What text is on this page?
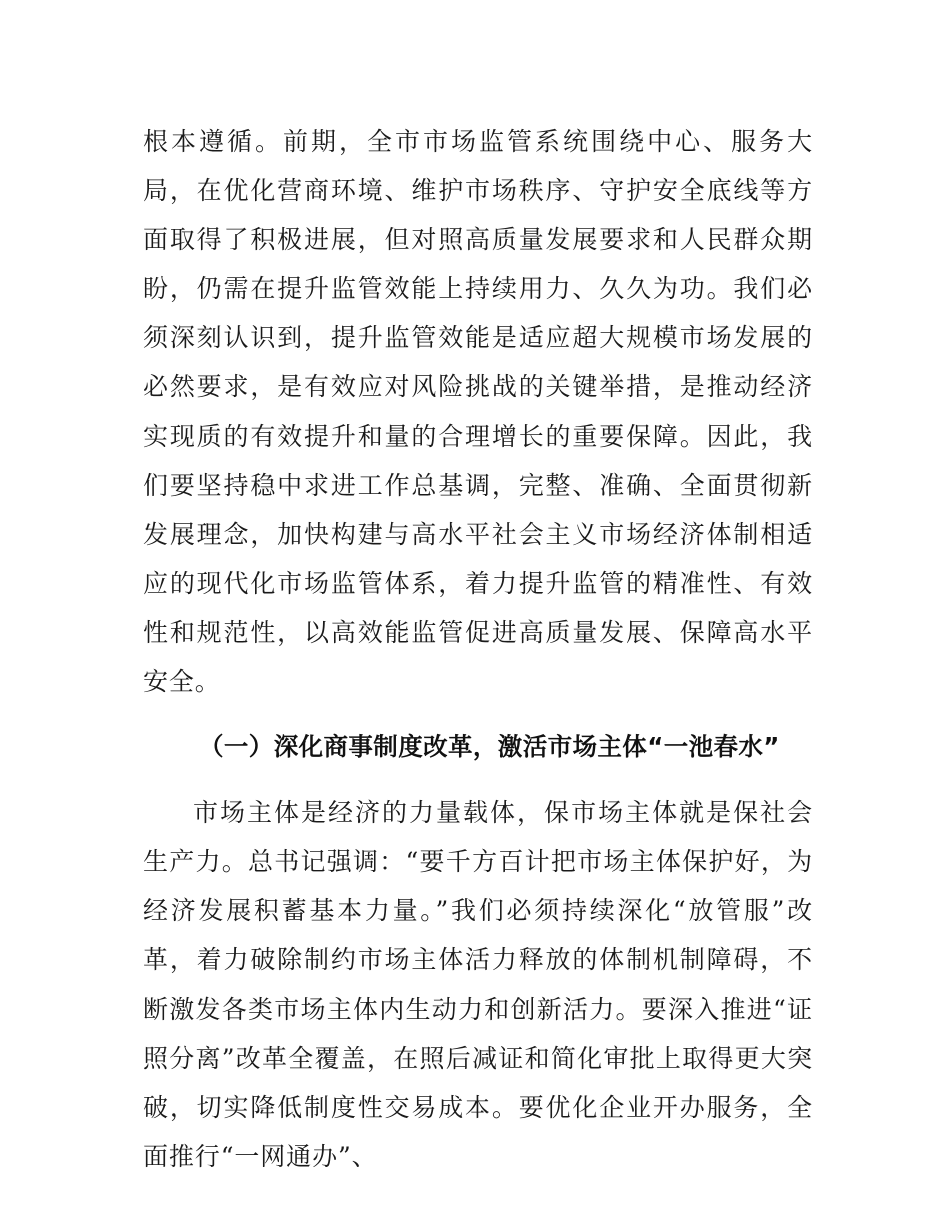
根本遵循。前期，全市市场监管系统围绕中心、服务大局，在优化营商环境、维护市场秩序、守护安全底线等方面取得了积极进展，但对照高质量发展要求和人民群众期盼，仍需在提升监管效能上持续用力、久久为功。我们必须深刻认识到，提升监管效能是适应超大规模市场发展的必然要求，是有效应对风险挑战的关键举措，是推动经济实现质的有效提升和量的合理增长的重要保障。因此，我们要坚持稳中求进工作总基调，完整、准确、全面贯彻新发展理念，加快构建与高水平社会主义市场经济体制相适应的现代化市场监管体系，着力提升监管的精准性、有效性和规范性，以高效能监管促进高质量发展、保障高水平安全。

（一）深化商事制度改革，激活市场主体“一池春水”

市场主体是经济的力量载体，保市场主体就是保社会生产力。总书记强调：“要千方百计把市场主体保护好，为经济发展积蓄基本力量。”我们必须持续深化“放管服”改革，着力破除制约市场主体活力释放的体制机制障碍，不断激发各类市场主体内生动力和创新活力。要深入推进“证照分离”改革全覆盖，在照后减证和简化审批上取得更大突破，切实降低制度性交易成本。要优化企业开办服务，全面推行“一网通办”、
